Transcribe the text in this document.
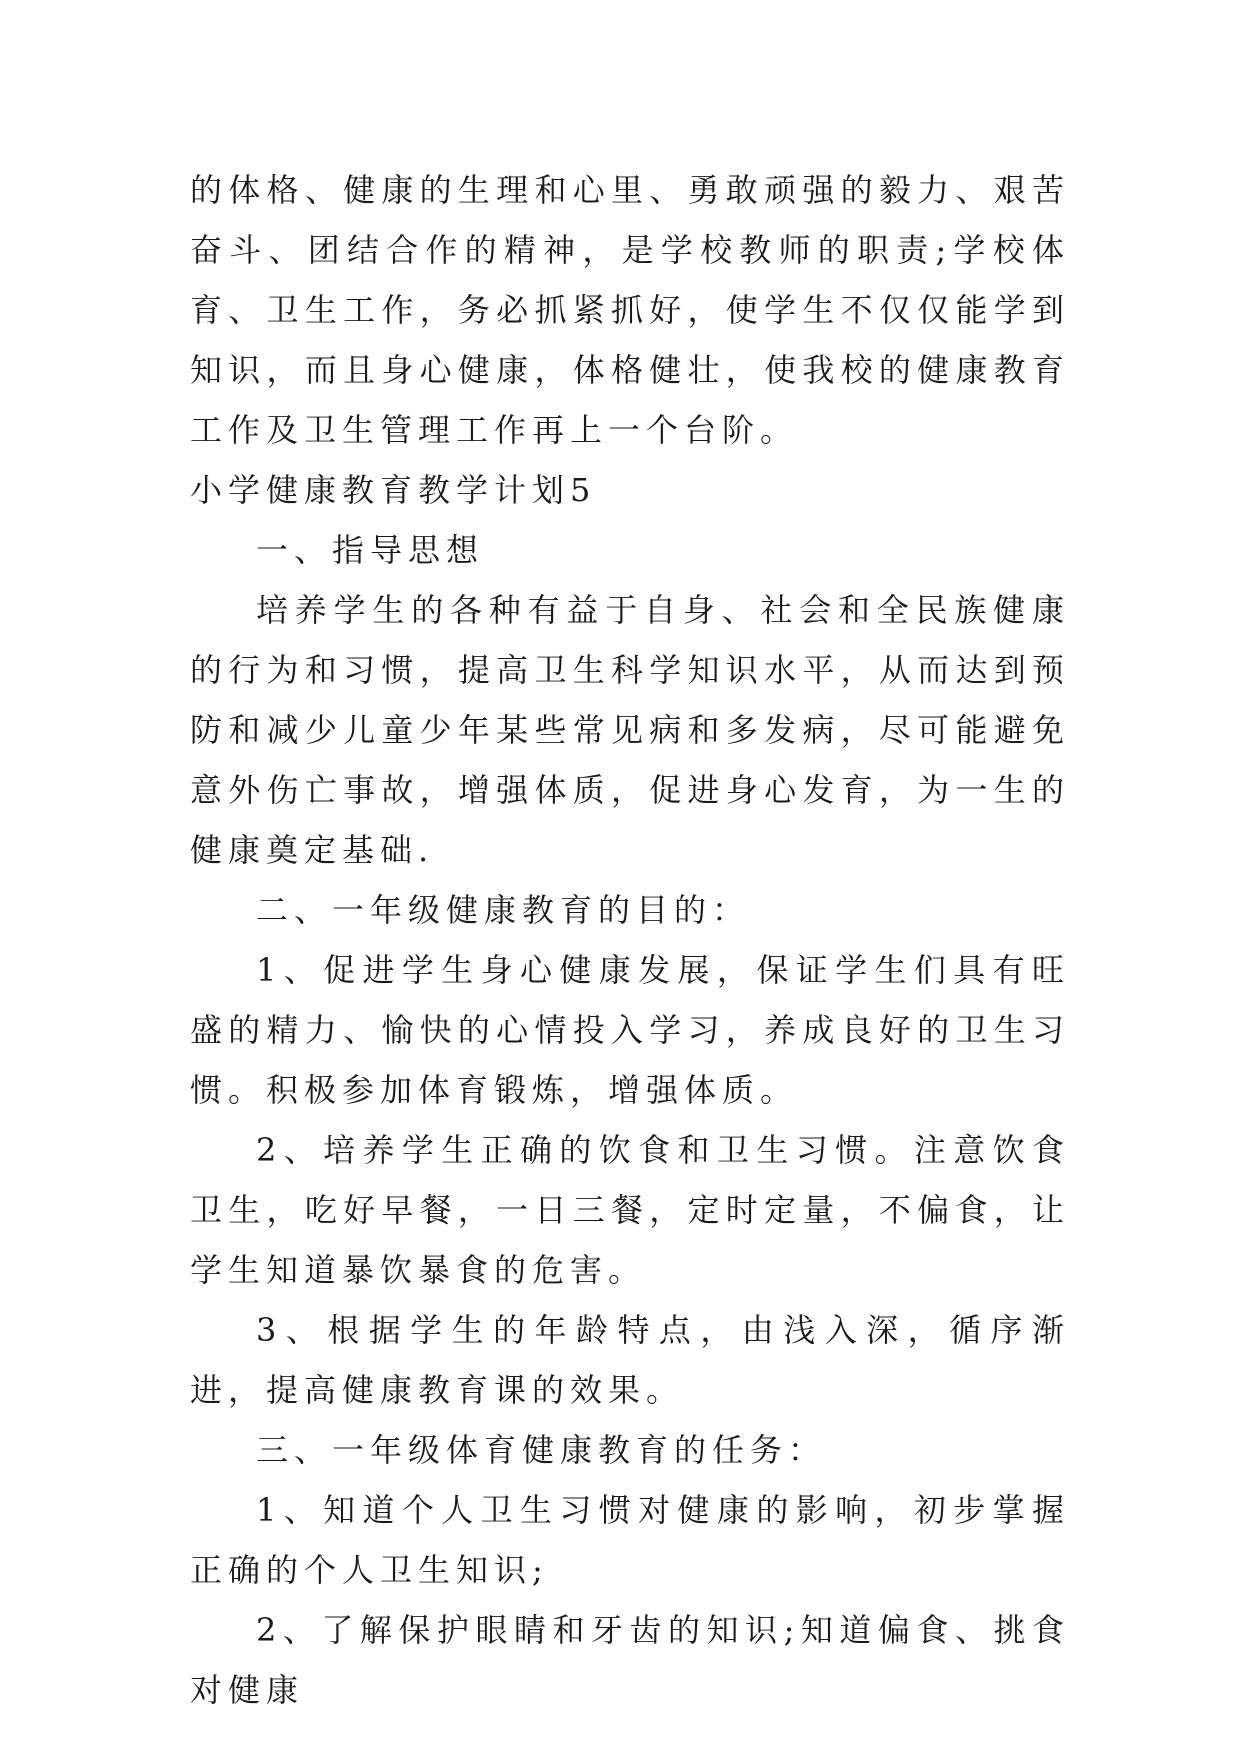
的体格、健康的生理和心里、勇敢顽强的毅力、艰苦奋斗、团结合作的精神，是学校教师的职责;学校体育、卫生工作，务必抓紧抓好，使学生不仅仅能学到知识，而且身心健康，体格健壮，使我校的健康教育工作及卫生管理工作再上一个台阶。

小学健康教育教学计划5

一、指导思想

培养学生的各种有益于自身、社会和全民族健康的行为和习惯，提高卫生科学知识水平，从而达到预防和减少儿童少年某些常见病和多发病，尽可能避免意外伤亡事故，增强体质，促进身心发育，为一生的健康奠定基础.

二、一年级健康教育的目的：

1、促进学生身心健康发展，保证学生们具有旺盛的精力、愉快的心情投入学习，养成良好的卫生习惯。积极参加体育锻炼，增强体质。

2、培养学生正确的饮食和卫生习惯。注意饮食卫生，吃好早餐，一日三餐，定时定量，不偏食，让学生知道暴饮暴食的危害。

3、根据学生的年龄特点，由浅入深，循序渐进，提高健康教育课的效果。

三、一年级体育健康教育的任务：

1、知道个人卫生习惯对健康的影响，初步掌握正确的个人卫生知识;

2、了解保护眼睛和牙齿的知识;知道偏食、挑食对健康
